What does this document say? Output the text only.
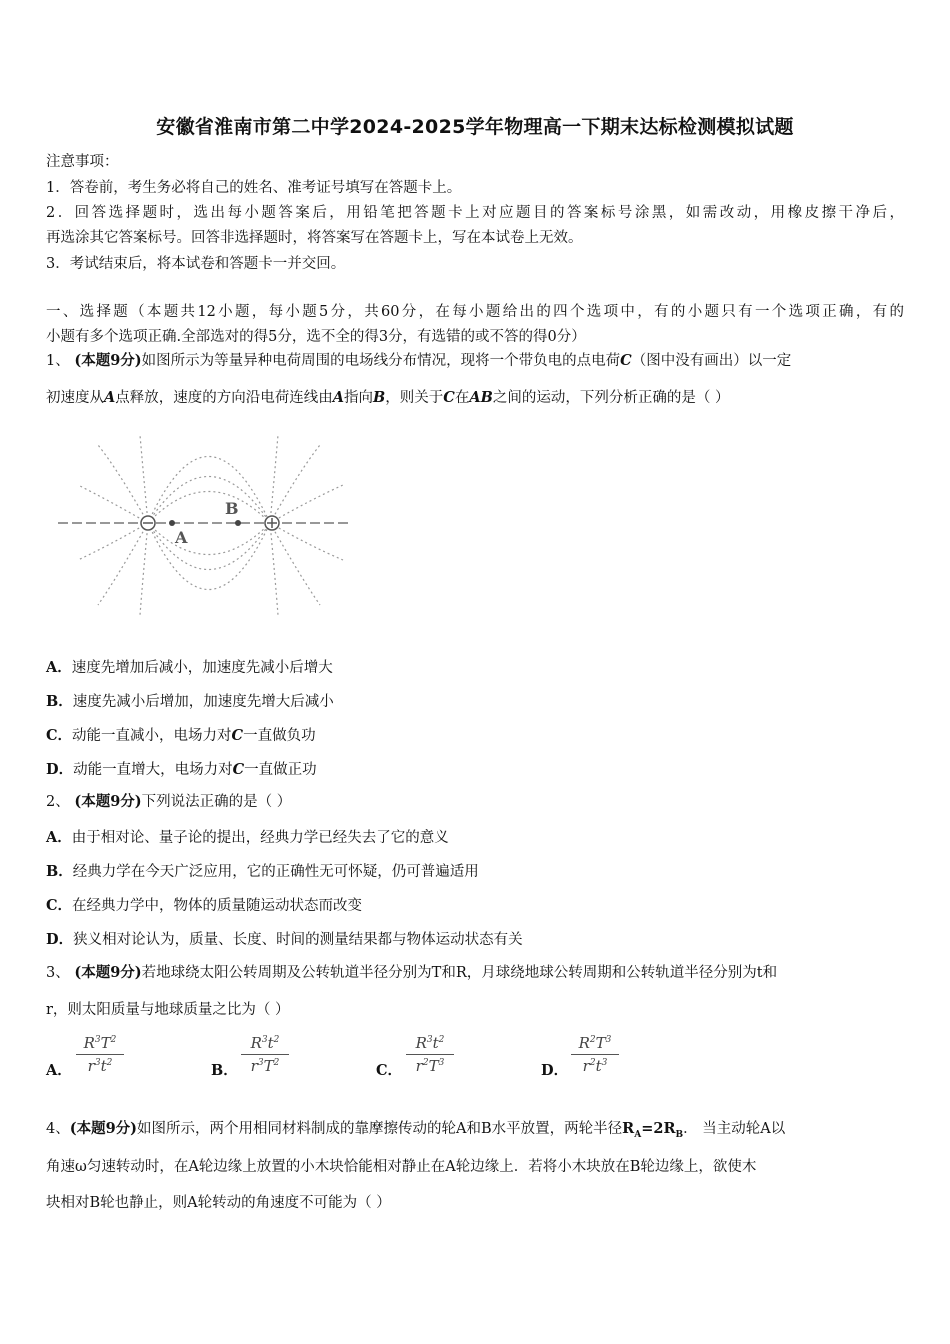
安徽省淮南市第二中学2024-2025学年物理高一下期末达标检测模拟试题
注意事项：
1．答卷前，考生务必将自己的姓名、准考证号填写在答题卡上。
2．回答选择题时，选出每小题答案后，用铅笔把答题卡上对应题目的答案标号涂黑，如需改动，用橡皮擦干净后，
再选涂其它答案标号。回答非选择题时，将答案写在答题卡上，写在本试卷上无效。
3．考试结束后，将本试卷和答题卡一并交回。
一、选择题（本题共12小题，每小题5分，共60分，在每小题给出的四个选项中，有的小题只有一个选项正确，有的
小题有多个选项正确.全部选对的得5分，选不全的得3分，有选错的或不答的得0分）
1、 (本题9分)如图所示为等量异种电荷周围的电场线分布情况，现将一个带负电的点电荷C（图中没有画出）以一定
初速度从A点释放，速度的方向沿电荷连线由A指向B，则关于C在AB之间的运动，下列分析正确的是（ ）
A
B
A．速度先增加后减小，加速度先减小后增大
B．速度先减小后增加，加速度先增大后减小
C．动能一直减小，电场力对C一直做负功
D．动能一直增大，电场力对C一直做正功
2、 (本题9分)下列说法正确的是（ ）
A．由于相对论、量子论的提出，经典力学已经失去了它的意义
B．经典力学在今天广泛应用，它的正确性无可怀疑，仍可普遍适用
C．在经典力学中，物体的质量随运动状态而改变
D．狭义相对论认为，质量、长度、时间的测量结果都与物体运动状态有关
3、 (本题9分)若地球绕太阳公转周期及公转轨道半径分别为T和R，月球绕地球公转周期和公转轨道半径分别为t和
r，则太阳质量与地球质量之比为（ ）
A． $\frac{R^3T^2}{r^3t^2}$	B． $\frac{R^3t^2}{r^3T^2}$	C． $\frac{R^3t^2}{r^2T^3}$	D． $\frac{R^2T^3}{r^2t^3}$
4、(本题9分)如图所示，两个用相同材料制成的靠摩擦传动的轮A和B水平放置，两轮半径$R_A=2R_B$． 当主动轮A以
角速ω匀速转动时，在A轮边缘上放置的小木块恰能相对静止在A轮边缘上．若将小木块放在B轮边缘上，欲使木
块相对B轮也静止，则A轮转动的角速度不可能为（ ）
